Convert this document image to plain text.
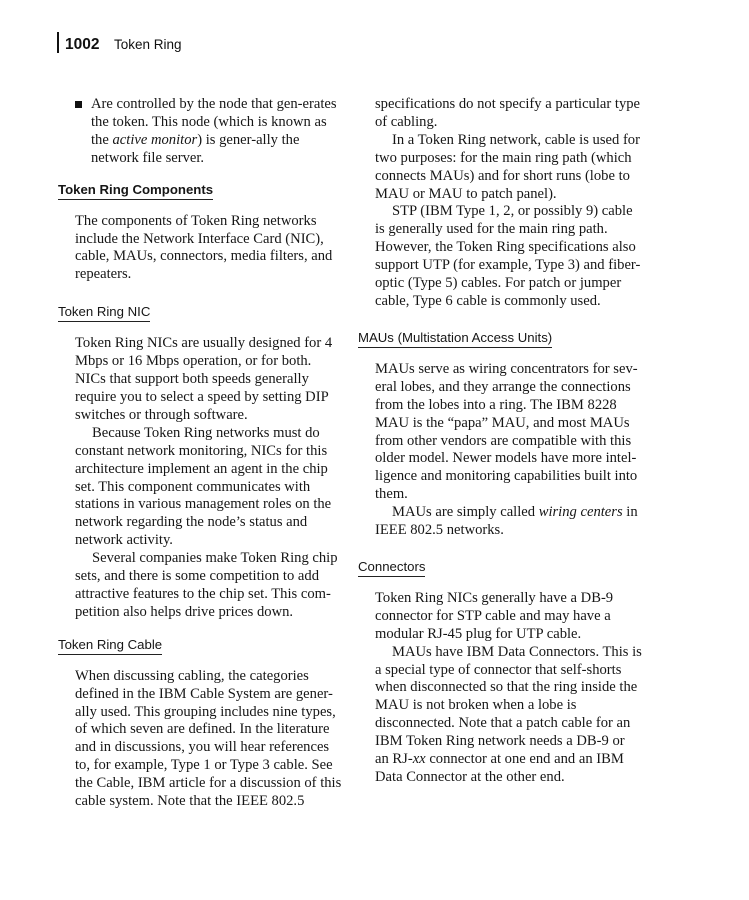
1002 Token Ring
Are controlled by the node that gen-erates the token. This node (which is known as the active monitor) is gener-ally the network file server.
Token Ring Components

The components of Token Ring networks include the Network Interface Card (NIC), cable, MAUs, connectors, media filters, and repeaters.

Token Ring NIC

Token Ring NICs are usually designed for 4 Mbps or 16 Mbps operation, or for both. NICs that support both speeds generally require you to select a speed by setting DIP switches or through software.

Because Token Ring networks must do constant network monitoring, NICs for this architecture implement an agent in the chip set. This component communicates with stations in various management roles on the network regarding the node’s status and network activity.

Several companies make Token Ring chip sets, and there is some competition to add attractive features to the chip set. This com-petition also helps drive prices down.

Token Ring Cable

When discussing cabling, the categories defined in the IBM Cable System are gener-ally used. This grouping includes nine types, of which seven are defined. In the literature and in discussions, you will hear references to, for example, Type 1 or Type 3 cable. See the Cable, IBM article for a discussion of this cable system. Note that the IEEE 802.5

specifications do not specify a particular type of cabling.

In a Token Ring network, cable is used for two purposes: for the main ring path (which connects MAUs) and for short runs (lobe to MAU or MAU to patch panel).

STP (IBM Type 1, 2, or possibly 9) cable is generally used for the main ring path. However, the Token Ring specifications also support UTP (for example, Type 3) and fiber-optic (Type 5) cables. For patch or jumper cable, Type 6 cable is commonly used.

MAUs (Multistation Access Units)

MAUs serve as wiring concentrators for sev-eral lobes, and they arrange the connections from the lobes into a ring. The IBM 8228 MAU is the “papa” MAU, and most MAUs from other vendors are compatible with this older model. Newer models have more intel-ligence and monitoring capabilities built into them.

MAUs are simply called wiring centers in IEEE 802.5 networks.

Connectors

Token Ring NICs generally have a DB-9 connector for STP cable and may have a modular RJ-45 plug for UTP cable.

MAUs have IBM Data Connectors. This is a special type of connector that self-shorts when disconnected so that the ring inside the MAU is not broken when a lobe is disconnected. Note that a patch cable for an IBM Token Ring network needs a DB-9 or an RJ-xx connector at one end and an IBM Data Connector at the other end.
